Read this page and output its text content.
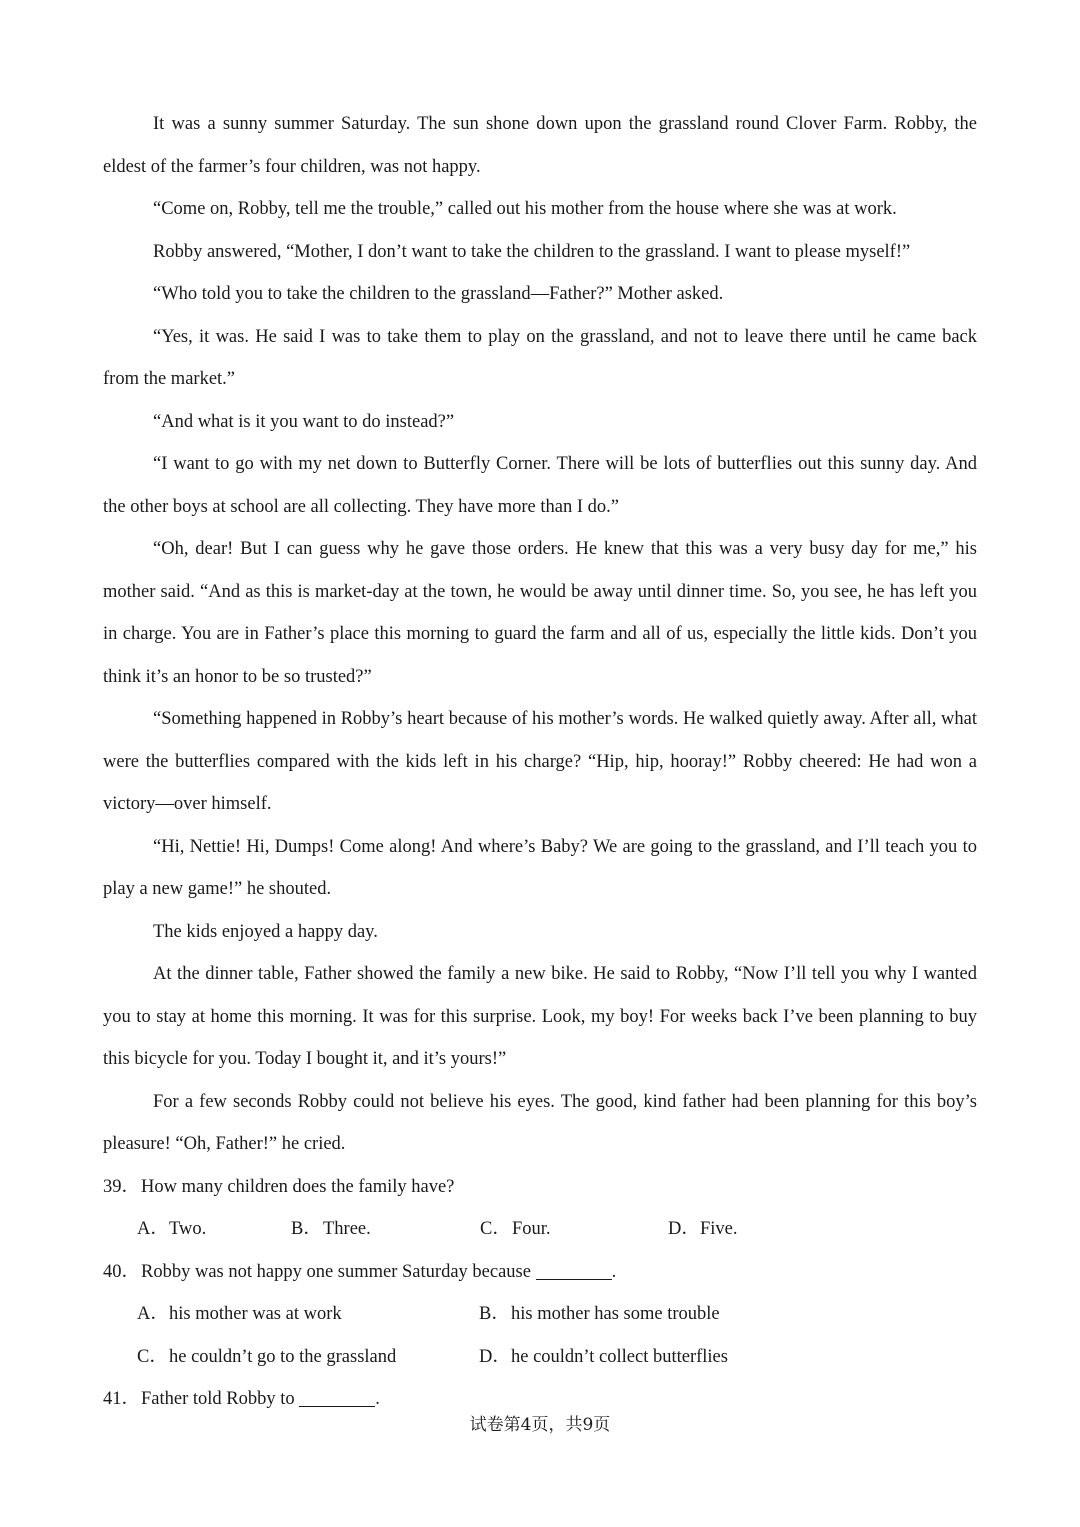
It was a sunny summer Saturday. The sun shone down upon the grassland round Clover Farm. Robby, the eldest of the farmer’s four children, was not happy.

“Come on, Robby, tell me the trouble,” called out his mother from the house where she was at work.

Robby answered, “Mother, I don’t want to take the children to the grassland. I want to please myself!”

“Who told you to take the children to the grassland—Father?” Mother asked.

“Yes, it was. He said I was to take them to play on the grassland, and not to leave there until he came back from the market.”

“And what is it you want to do instead?”

“I want to go with my net down to Butterfly Corner. There will be lots of butterflies out this sunny day. And the other boys at school are all collecting. They have more than I do.”

“Oh, dear! But I can guess why he gave those orders. He knew that this was a very busy day for me,” his mother said. “And as this is market-day at the town, he would be away until dinner time. So, you see, he has left you in charge. You are in Father’s place this morning to guard the farm and all of us, especially the little kids. Don’t you think it’s an honor to be so trusted?”

“Something happened in Robby’s heart because of his mother’s words. He walked quietly away. After all, what were the butterflies compared with the kids left in his charge? “Hip, hip, hooray!” Robby cheered: He had won a victory—over himself.

“Hi, Nettie! Hi, Dumps! Come along! And where’s Baby? We are going to the grassland, and I’ll teach you to play a new game!” he shouted.

The kids enjoyed a happy day.

At the dinner table, Father showed the family a new bike. He said to Robby, “Now I’ll tell you why I wanted you to stay at home this morning. It was for this surprise. Look, my boy! For weeks back I’ve been planning to buy this bicycle for you. Today I bought it, and it’s yours!”

For a few seconds Robby could not believe his eyes. The good, kind father had been planning for this boy’s pleasure! “Oh, Father!” he cried.

39．How many children does the family have?

A．Two.	B．Three.	C．Four.	D．Five.

40．Robby was not happy one summer Saturday because	.

A．his mother was at work	B．his mother has some trouble
C．he couldn’t go to the grassland	D．he couldn’t collect butterflies

41．Father told Robby to	.

试卷第4页，共9页
